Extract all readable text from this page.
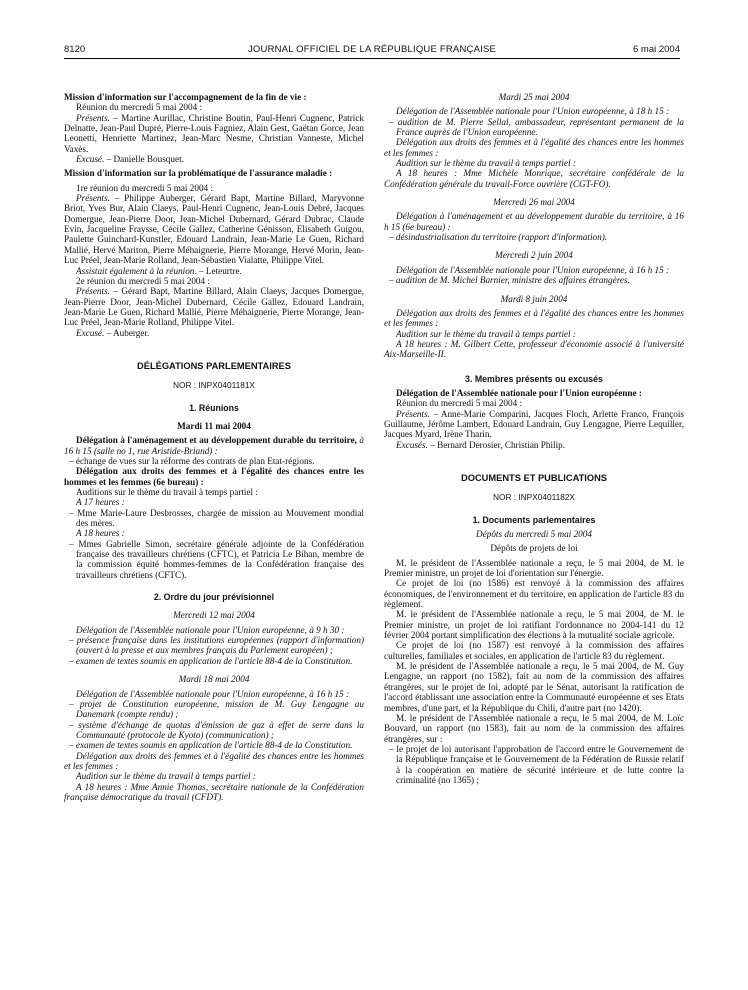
8120	JOURNAL OFFICIEL DE LA RÉPUBLIQUE FRANÇAISE	6 mai 2004

Mission d'information sur l'accompagnement de la fin de vie :

Réunion du mercredi 5 mai 2004 :

Présents. – Martine Aurillac, Christine Boutin, Paul-Henri Cugnenc, Patrick Delnatte, Jean-Paul Dupré, Pierre-Louis Fagniez, Alain Gest, Gaëtan Gorce, Jean Leonetti, Henriette Martinez, Jean-Marc Nesme, Christian Vanneste, Michel Vaxès.

Excusé. – Danielle Bousquet.

Mission d'information sur la problématique de l'assurance maladie :

1re réunion du mercredi 5 mai 2004 :

Présents. – Philippe Auberger, Gérard Bapt, Martine Billard, Maryvonne Briot, Yves Bur, Alain Claeys, Paul-Henri Cugnenc, Jean-Louis Debré, Jacques Domergue, Jean-Pierre Door, Jean-Michel Dubernard, Gérard Dubrac, Claude Evin, Jacqueline Fraysse, Cécile Gallez, Catherine Génisson, Elisabeth Guigou, Paulette Guinchard-Kunstler, Edouard Landrain, Jean-Marie Le Guen, Richard Mallié, Hervé Mariton, Pierre Méhaignerie, Pierre Morange, Hervé Morin, Jean-Luc Préel, Jean-Marie Rolland, Jean-Sébastien Vialatte, Philippe Vitel.

Assistait également à la réunion. – Leteurtre.

2e réunion du mercredi 5 mai 2004 :

Présents. – Gérard Bapt, Martine Billard, Alain Claeys, Jacques Domergue, Jean-Pierre Door, Jean-Michel Dubernard, Cécile Gallez, Edouard Landrain, Jean-Marie Le Guen, Richard Mallié, Pierre Méhaignerie, Pierre Morange, Jean-Luc Préel, Jean-Marie Rolland, Philippe Vitel.

Excusé. – Auberger.

DÉLÉGATIONS PARLEMENTAIRES
NOR : INPX0401181X
1. Réunions

Mardi 11 mai 2004

Délégation à l'aménagement et au développement durable du territoire, à 16 h 15 (salle no 1, rue Aristide-Briand) :

– échange de vues sur la réforme des contrats de plan Etat-régions.

Délégation aux droits des femmes et à l'égalité des chances entre les hommes et les femmes (6e bureau) :

Auditions sur le thème du travail à temps partiel :

A 17 heures :

– Mme Marie-Laure Desbrosses, chargée de mission au Mouvement mondial des mères.

A 18 heures :

– Mmes Gabrielle Simon, secrétaire générale adjointe de la Confédération française des travailleurs chrétiens (CFTC), et Patricia Le Bihan, membre de la commission équité hommes-femmes de la Confédération française des travailleurs chrétiens (CFTC).

2. Ordre du jour prévisionnel

Mercredi 12 mai 2004

Délégation de l'Assemblée nationale pour l'Union européenne, à 9 h 30 :

– présence française dans les institutions européennes (rapport d'information) (ouvert à la presse et aux membres français du Parlement européen) ;

– examen de textes soumis en application de l'article 88-4 de la Constitution.

Mardi 18 mai 2004

Délégation de l'Assemblée nationale pour l'Union européenne, à 16 h 15 :

– projet de Constitution européenne, mission de M. Guy Lengagne au Danemark (compte rendu) ;

– système d'échange de quotas d'émission de gaz à effet de serre dans la Communauté (protocole de Kyoto) (communication) ;

– examen de textes soumis en application de l'article 88-4 de la Constitution.

Délégation aux droits des femmes et à l'égalité des chances entre les hommes et les femmes :

Audition sur le thème du travail à temps partiel :

A 18 heures : Mme Annie Thomas, secrétaire nationale de la Confédération française démocratique du travail (CFDT).

Mardi 25 mai 2004

Délégation de l'Assemblée nationale pour l'Union européenne, à 18 h 15 :

– audition de M. Pierre Sellal, ambassadeur, représentant permanent de la France auprès de l'Union européenne.

Délégation aux droits des femmes et à l'égalité des chances entre les hommes et les femmes :

Audition sur le thème du travail à temps partiel :

A 18 heures : Mme Michèle Monrique, secrétaire confédérale de la Confédération générale du travail-Force ouvrière (CGT-FO).

Mercredi 26 mai 2004

Délégation à l'aménagement et au développement durable du territoire, à 16 h 15 (6e bureau) :

– désindustrialisation du territoire (rapport d'information).

Mercredi 2 juin 2004

Délégation de l'Assemblée nationale pour l'Union européenne, à 16 h 15 :

– audition de M. Michel Barnier, ministre des affaires étrangères.

Mardi 8 juin 2004

Délégation aux droits des femmes et à l'égalité des chances entre les hommes et les femmes :

Audition sur le thème du travail à temps partiel :

A 18 heures : M. Gilbert Cette, professeur d'économie associé à l'université Aix-Marseille-II.

3. Membres présents ou excusés

Délégation de l'Assemblée nationale pour l'Union européenne :

Réunion du mercredi 5 mai 2004 :

Présents. – Anne-Marie Comparini, Jacques Floch, Arlette Franco, François Guillaume, Jérôme Lambert, Edouard Landrain, Guy Lengagne, Pierre Lequiller, Jacques Myard, Irène Tharin.

Excusés. – Bernard Derosier, Christian Philip.

DOCUMENTS ET PUBLICATIONS
NOR : INPX0401182X
1. Documents parlementaires

Dépôts du mercredi 5 mai 2004

Dépôts de projets de loi

M. le président de l'Assemblée nationale a reçu, le 5 mai 2004, de M. le Premier ministre, un projet de loi d'orientation sur l'énergie.

Ce projet de loi (no 1586) est renvoyé à la commission des affaires économiques, de l'environnement et du territoire, en application de l'article 83 du règlement.

M. le président de l'Assemblée nationale a reçu, le 5 mai 2004, de M. le Premier ministre, un projet de loi ratifiant l'ordonnance no 2004-141 du 12 février 2004 portant simplification des élections à la mutualité sociale agricole.

Ce projet de loi (no 1587) est renvoyé à la commission des affaires culturelles, familiales et sociales, en application de l'article 83 du règlement.

M. le président de l'Assemblée nationale a reçu, le 5 mai 2004, de M. Guy Lengagne, un rapport (no 1582), fait au nom de la commission des affaires étrangères, sur le projet de loi, adopté par le Sénat, autorisant la ratification de l'accord établissant une association entre la Communauté européenne et ses Etats membres, d'une part, et la République du Chili, d'autre part (no 1420).

M. le président de l'Assemblée nationale a reçu, le 5 mai 2004, de M. Loïc Bouvard, un rapport (no 1583), fait au nom de la commission des affaires étrangères, sur :

– le projet de loi autorisant l'approbation de l'accord entre le Gouvernement de la République française et le Gouvernement de la Fédération de Russie relatif à la coopération en matière de sécurité intérieure et de lutte contre la criminalité (no 1365) ;
